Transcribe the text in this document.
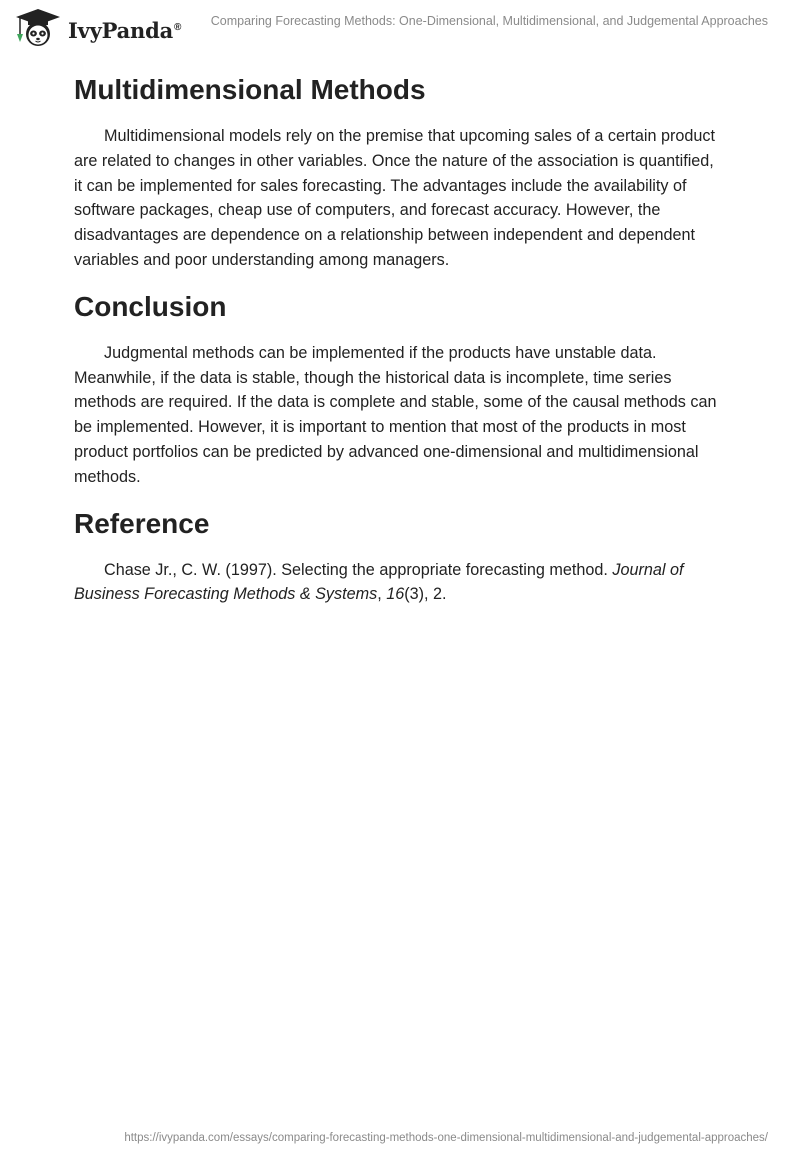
IvyPanda® Comparing Forecasting Methods: One-Dimensional, Multidimensional, and Judgemental Approaches
Multidimensional Methods

Multidimensional models rely on the premise that upcoming sales of a certain product are related to changes in other variables. Once the nature of the association is quantified, it can be implemented for sales forecasting. The advantages include the availability of software packages, cheap use of computers, and forecast accuracy. However, the disadvantages are dependence on a relationship between independent and dependent variables and poor understanding among managers.

Conclusion

Judgmental methods can be implemented if the products have unstable data. Meanwhile, if the data is stable, though the historical data is incomplete, time series methods are required. If the data is complete and stable, some of the causal methods can be implemented. However, it is important to mention that most of the products in most product portfolios can be predicted by advanced one-dimensional and multidimensional methods.

Reference

Chase Jr., C. W. (1997). Selecting the appropriate forecasting method. Journal of Business Forecasting Methods & Systems, 16(3), 2.

https://ivypanda.com/essays/comparing-forecasting-methods-one-dimensional-multidimensional-and-judgemental-approaches/
